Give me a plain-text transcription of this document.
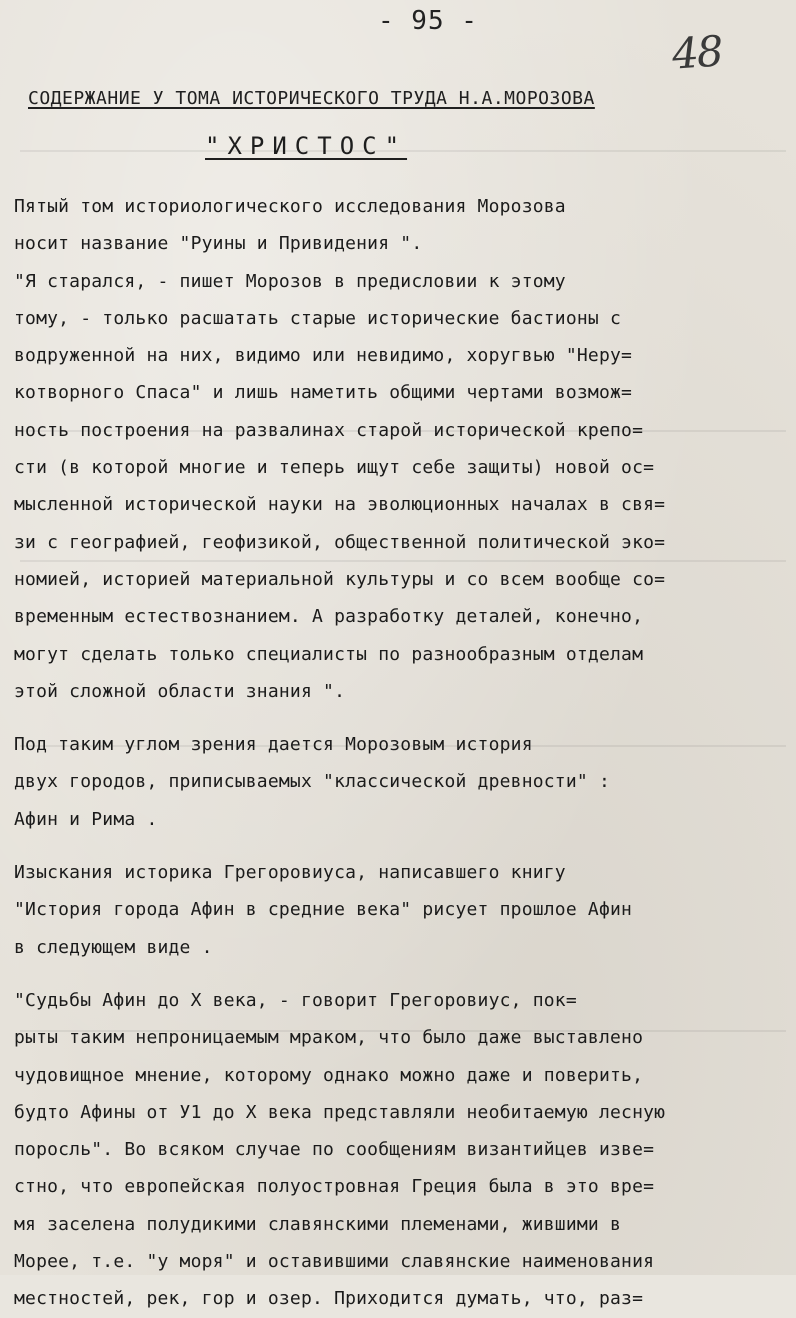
- 95 -
48
СОДЕРЖАНИЕ У ТОМА ИСТОРИЧЕСКОГО ТРУДА Н.А.МОРОЗОВА
"ХРИСТОС"
Пятый том историологического исследования Морозова
носит название "Руины и Привидения ".
"Я старался, - пишет Морозов в предисловии к этому
тому, - только расшатать старые исторические бастионы с
водруженной на них, видимо или невидимо, хоругвью "Неру=
котворного Спаса" и лишь наметить общими чертами возмож=
ность построения на развалинах старой исторической крепо=
сти (в которой многие и теперь ищут себе защиты) новой ос=
мысленной исторической науки на эволюционных началах в свя=
зи с географией, геофизикой, общественной политической эко=
номией, историей материальной культуры и со всем вообще со=
временным естествознанием. А разработку деталей, конечно,
могут сделать только специалисты по разнообразным отделам
этой сложной области знания ".
Под таким углом зрения дается Морозовым история
двух городов, приписываемых "классической древности" :
Афин и Рима .
Изыскания историка Грегоровиуса, написавшего книгу
"История города Афин в средние века" рисует прошлое Афин
в следующем виде .
"Судьбы Афин до Х века, - говорит Грегоровиус, пок=
рыты таким непроницаемым мраком, что было даже выставлено
чудовищное мнение, которому однако можно даже и поверить,
будто Афины от У1 до Х века представляли необитаемую лесную
поросль". Во всяком случае по сообщениям византийцев изве=
стно, что европейская полуостровная Греция была в это вре=
мя заселена полудикими славянскими племенами, жившими в
Морее, т.е. "у моря" и оставившими славянские наименования
местностей, рек, гор и озер. Приходится думать, что, раз=
